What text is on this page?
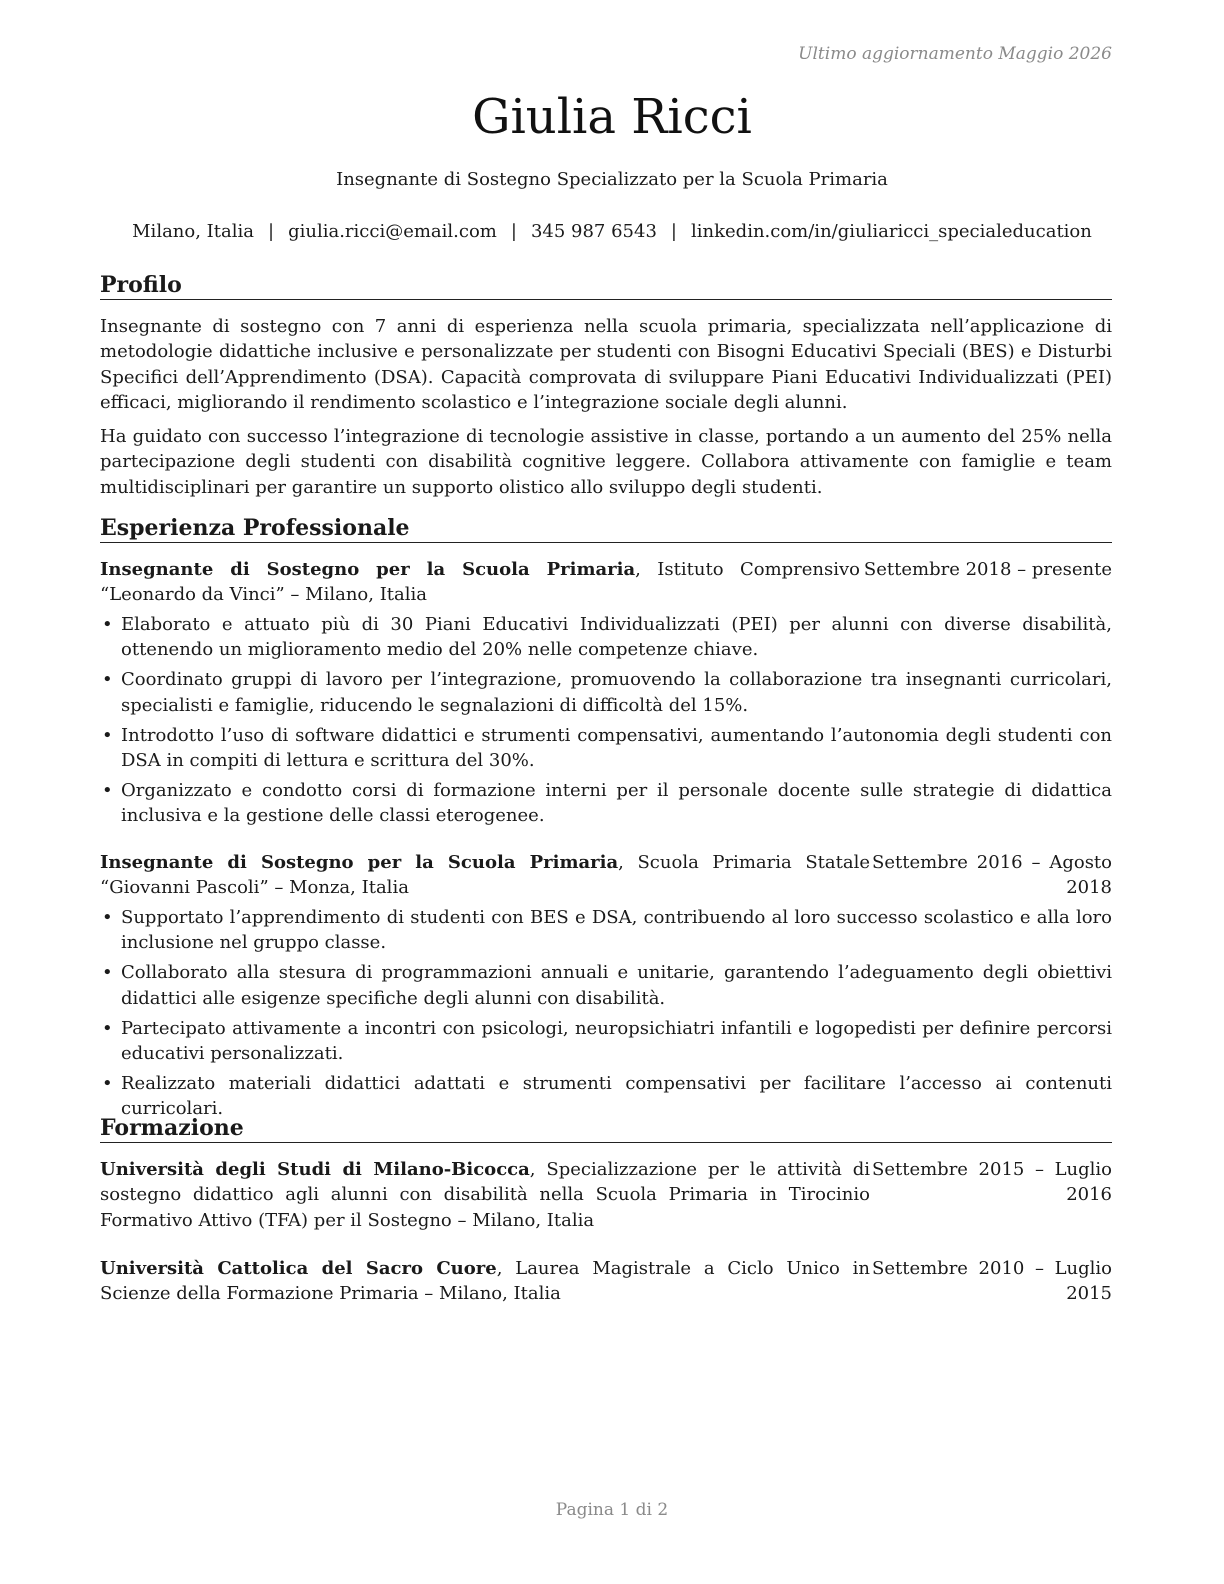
Ultimo aggiornamento Maggio 2026
Giulia Ricci
Insegnante di Sostegno Specializzato per la Scuola Primaria
Milano, Italia | giulia.ricci@email.com | 345 987 6543 | linkedin.com/in/giuliaricci_specialeducation
Profilo

Insegnante di sostegno con 7 anni di esperienza nella scuola primaria, specializzata nell’applicazione di metodologie didattiche inclusive e personalizzate per studenti con Bisogni Educativi Speciali (BES) e Disturbi Specifici dell’Apprendimento (DSA). Capacità comprovata di sviluppare Piani Educativi Individualizzati (PEI) efficaci, migliorando il rendimento scolastico e l’integrazione sociale degli alunni.

Ha guidato con successo l’integrazione di tecnologie assistive in classe, portando a un aumento del 25% nella partecipazione degli studenti con disabilità cognitive leggere. Collabora attivamente con famiglie e team multidisciplinari per garantire un supporto olistico allo sviluppo degli studenti.

Esperienza Professionale
Insegnante di Sostegno per la Scuola Primaria, Istituto Comprensivo “Leonardo da Vinci” – Milano, Italia
Settembre 2018 – presente
• Elaborato e attuato più di 30 Piani Educativi Individualizzati (PEI) per alunni con diverse disabilità, ottenendo un miglioramento medio del 20% nelle competenze chiave.
• Coordinato gruppi di lavoro per l’integrazione, promuovendo la collaborazione tra insegnanti curricolari, specialisti e famiglie, riducendo le segnalazioni di difficoltà del 15%.
• Introdotto l’uso di software didattici e strumenti compensativi, aumentando l’autonomia degli studenti con DSA in compiti di lettura e scrittura del 30%.
• Organizzato e condotto corsi di formazione interni per il personale docente sulle strategie di didattica inclusiva e la gestione delle classi eterogenee.
Insegnante di Sostegno per la Scuola Primaria, Scuola Primaria Statale “Giovanni Pascoli” – Monza, Italia
Settembre 2016 – Agosto 2018
• Supportato l’apprendimento di studenti con BES e DSA, contribuendo al loro successo scolastico e alla loro inclusione nel gruppo classe.
• Collaborato alla stesura di programmazioni annuali e unitarie, garantendo l’adeguamento degli obiettivi didattici alle esigenze specifiche degli alunni con disabilità.
• Partecipato attivamente a incontri con psicologi, neuropsichiatri infantili e logopedisti per definire percorsi educativi personalizzati.
• Realizzato materiali didattici adattati e strumenti compensativi per facilitare l’accesso ai contenuti curricolari.
Formazione
Università degli Studi di Milano-Bicocca, Specializzazione per le attività di sostegno didattico agli alunni con disabilità nella Scuola Primaria in Tirocinio Formativo Attivo (TFA) per il Sostegno – Milano, Italia
Settembre 2015 – Luglio 2016
Università Cattolica del Sacro Cuore, Laurea Magistrale a Ciclo Unico in Scienze della Formazione Primaria – Milano, Italia
Settembre 2010 – Luglio 2015
Pagina 1 di 2
